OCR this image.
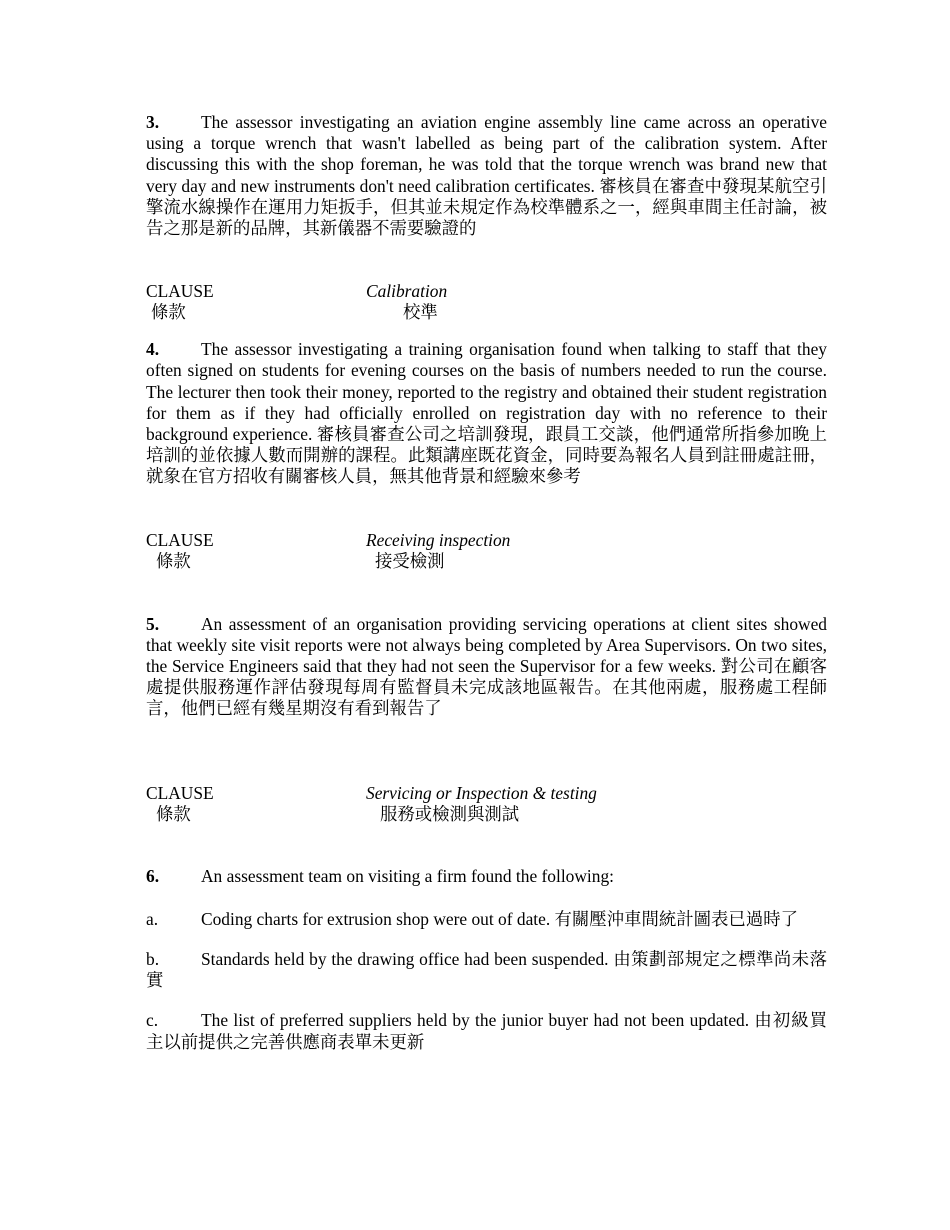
3. The assessor investigating an aviation engine assembly line came across an operative using a torque wrench that wasn't labelled as being part of the calibration system. After discussing this with the shop foreman, he was told that the torque wrench was brand new that very day and new instruments don't need calibration certificates. 審核員在審查中發現某航空引擎流水線操作在運用力矩扳手，但其並未規定作為校準體系之一，經與車間主任討論，被告之那是新的品牌，其新儀器不需要驗證的

CLAUSE
條款
Calibration
校準

4. The assessor investigating a training organisation found when talking to staff that they often signed on students for evening courses on the basis of numbers needed to run the course. The lecturer then took their money, reported to the registry and obtained their student registration for them as if they had officially enrolled on registration day with no reference to their background experience. 審核員審查公司之培訓發現，跟員工交談，他們通常所指參加晚上培訓的並依據人數而開辦的課程。此類講座既花資金，同時要為報名人員到註冊處註冊，就象在官方招收有關審核人員，無其他背景和經驗來參考

CLAUSE
條款
Receiving inspection
接受檢測

5. An assessment of an organisation providing servicing operations at client sites showed that weekly site visit reports were not always being completed by Area Supervisors. On two sites, the Service Engineers said that they had not seen the Supervisor for a few weeks. 對公司在顧客處提供服務運作評估發現每周有監督員未完成該地區報告。在其他兩處，服務處工程師言，他們已經有幾星期沒有看到報告了

CLAUSE
條款
Servicing or Inspection & testing
服務或檢測與測試

6. An assessment team on visiting a firm found the following:

a. Coding charts for extrusion shop were out of date. 有關壓沖車間統計圖表已過時了

b. Standards held by the drawing office had been suspended. 由策劃部規定之標準尚未落實

c. The list of preferred suppliers held by the junior buyer had not been updated. 由初級買主以前提供之完善供應商表單未更新
